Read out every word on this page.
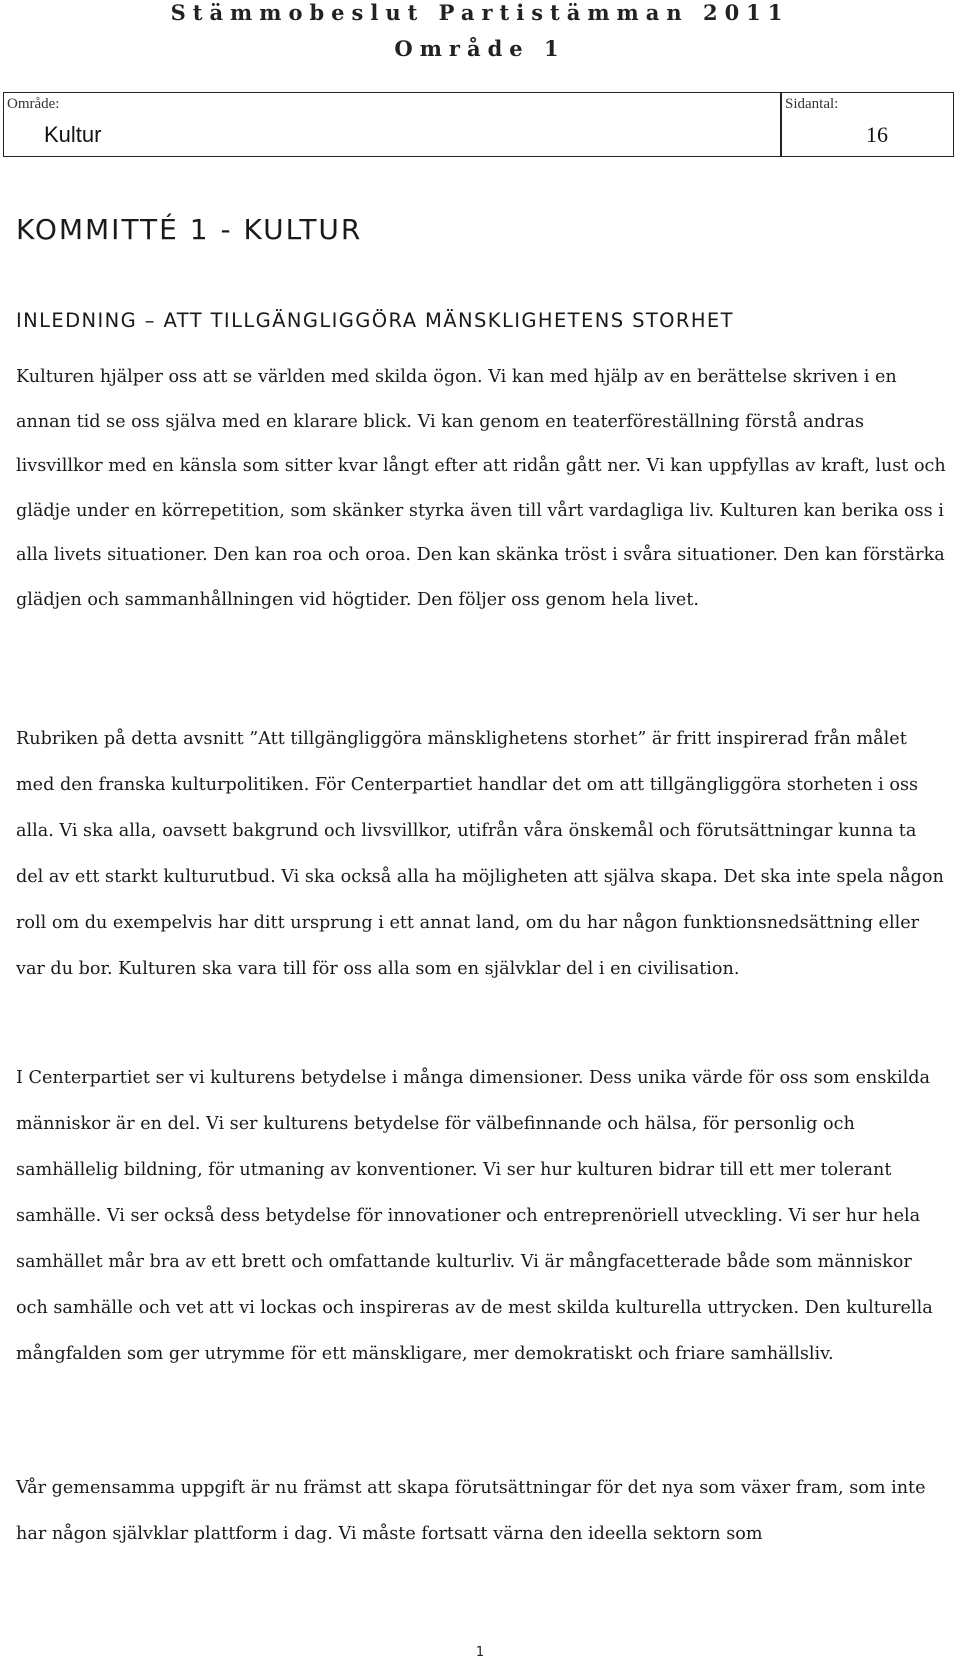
Stämmobeslut Partistämman 2011
Område 1
Område:
Kultur
Sidantal:
16
KOMMITTÉ 1 - KULTUR
INLEDNING – ATT TILLGÄNGLIGGÖRA MÄNSKLIGHETENS STORHET

Kulturen hjälper oss att se världen med skilda ögon. Vi kan med hjälp av en berättelse skriven i en annan tid se oss själva med en klarare blick. Vi kan genom en teaterföreställning förstå andras livsvillkor med en känsla som sitter kvar långt efter att ridån gått ner. Vi kan uppfyllas av kraft, lust och glädje under en körrepetition, som skänker styrka även till vårt vardagliga liv. Kulturen kan berika oss i alla livets situationer. Den kan roa och oroa. Den kan skänka tröst i svåra situationer. Den kan förstärka glädjen och sammanhållningen vid högtider. Den följer oss genom hela livet.

Rubriken på detta avsnitt ”Att tillgängliggöra mänsklighetens storhet” är fritt inspirerad från målet med den franska kulturpolitiken. För Centerpartiet handlar det om att tillgängliggöra storheten i oss alla. Vi ska alla, oavsett bakgrund och livsvillkor, utifrån våra önskemål och förutsättningar kunna ta del av ett starkt kulturutbud. Vi ska också alla ha möjligheten att själva skapa. Det ska inte spela någon roll om du exempelvis har ditt ursprung i ett annat land, om du har någon funktionsnedsättning eller var du bor. Kulturen ska vara till för oss alla som en självklar del i en civilisation.

I Centerpartiet ser vi kulturens betydelse i många dimensioner. Dess unika värde för oss som enskilda människor är en del. Vi ser kulturens betydelse för välbefinnande och hälsa, för personlig och samhällelig bildning, för utmaning av konventioner. Vi ser hur kulturen bidrar till ett mer tolerant samhälle. Vi ser också dess betydelse för innovationer och entreprenöriell utveckling. Vi ser hur hela samhället mår bra av ett brett och omfattande kulturliv. Vi är mångfacetterade både som människor och samhälle och vet att vi lockas och inspireras av de mest skilda kulturella uttrycken. Den kulturella mångfalden som ger utrymme för ett mänskligare, mer demokratiskt och friare samhällsliv.

Vår gemensamma uppgift är nu främst att skapa förutsättningar för det nya som växer fram, som inte har någon självklar plattform i dag. Vi måste fortsatt värna den ideella sektorn som

1
